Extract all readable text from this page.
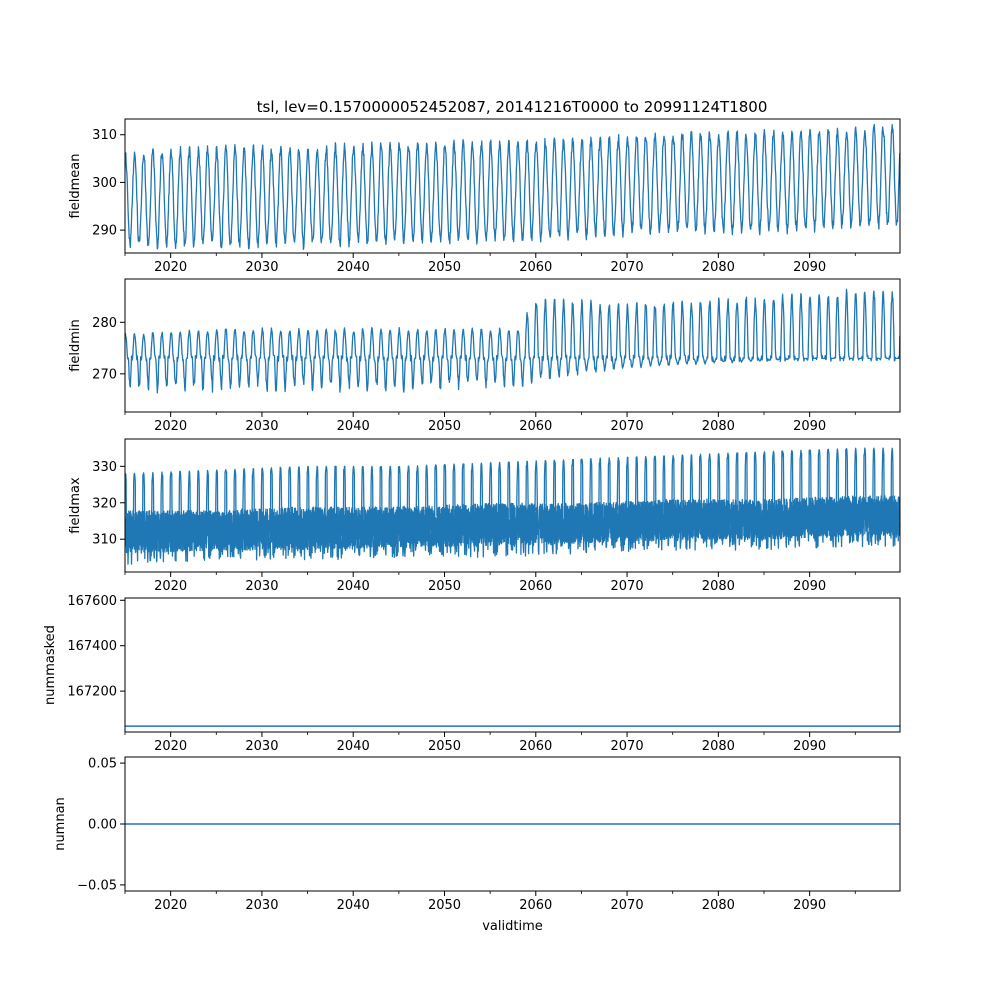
tsl, lev=0.1570000052452087, 20141216T0000 to 20991124T1800
2020	2030	2040	2050	2060	2070	2080	2090
290
300
310
fieldmean
2020	2030	2040	2050	2060	2070	2080	2090
270
280
fieldmin
2020	2030	2040	2050	2060	2070	2080	2090
310
320
330
fieldmax
2020	2030	2040	2050	2060	2070	2080	2090
167200
167400
167600
nummasked
2020	2030	2040	2050	2060	2070	2080	2090
−0.05
0.00
0.05
numnan
validtime
